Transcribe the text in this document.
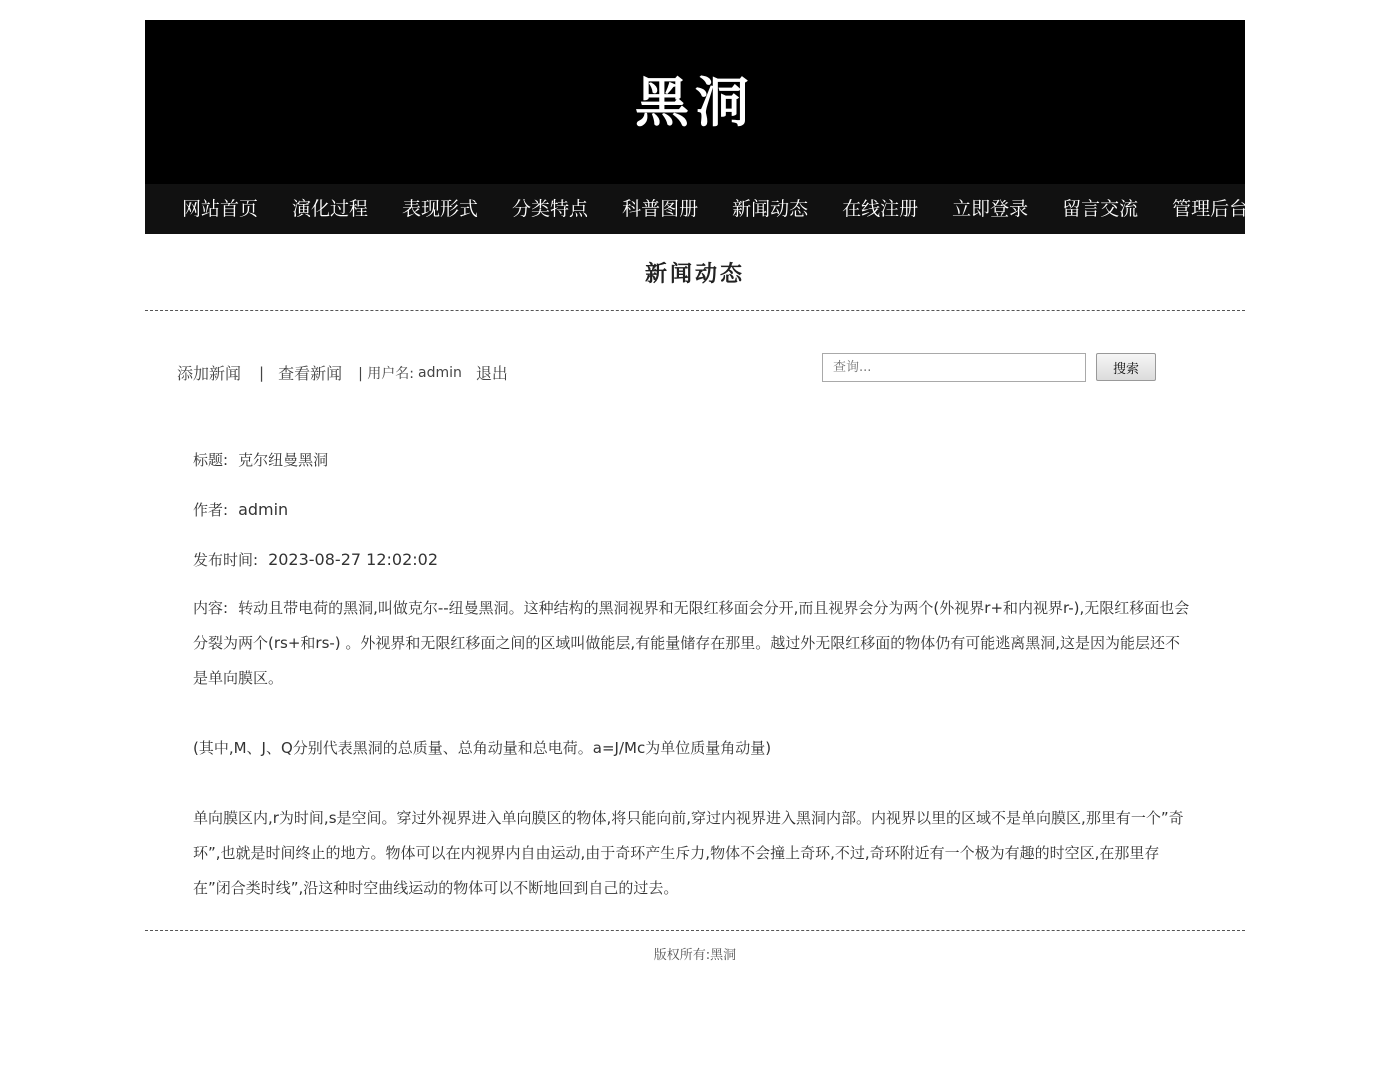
黑洞
网站首页 演化过程 表现形式 分类特点 科普图册 新闻动态 在线注册 立即登录 留言交流 管理后台
新闻动态
添加新闻 | 查看新闻 | 用户名: admin 退出
查询...	搜索
标题: 克尔纽曼黑洞
作者: admin
发布时间: 2023-08-27 12:02:02
内容: 转动且带电荷的黑洞,叫做克尔--纽曼黑洞。这种结构的黑洞视界和无限红移面会分开,而且视界会分为两个(外视界r+和内视界r-),无限红移面也会分裂为两个(rs+和rs-) 。外视界和无限红移面之间的区域叫做能层,有能量储存在那里。越过外无限红移面的物体仍有可能逃离黑洞,这是因为能层还不是单向膜区。
(其中,M、J、Q分别代表黑洞的总质量、总角动量和总电荷。a=J/Mc为单位质量角动量)
单向膜区内,r为时间,s是空间。穿过外视界进入单向膜区的物体,将只能向前,穿过内视界进入黑洞内部。内视界以里的区域不是单向膜区,那里有一个”奇环”,也就是时间终止的地方。物体可以在内视界内自由运动,由于奇环产生斥力,物体不会撞上奇环,不过,奇环附近有一个极为有趣的时空区,在那里存在”闭合类时线”,沿这种时空曲线运动的物体可以不断地回到自己的过去。
版权所有:黑洞
